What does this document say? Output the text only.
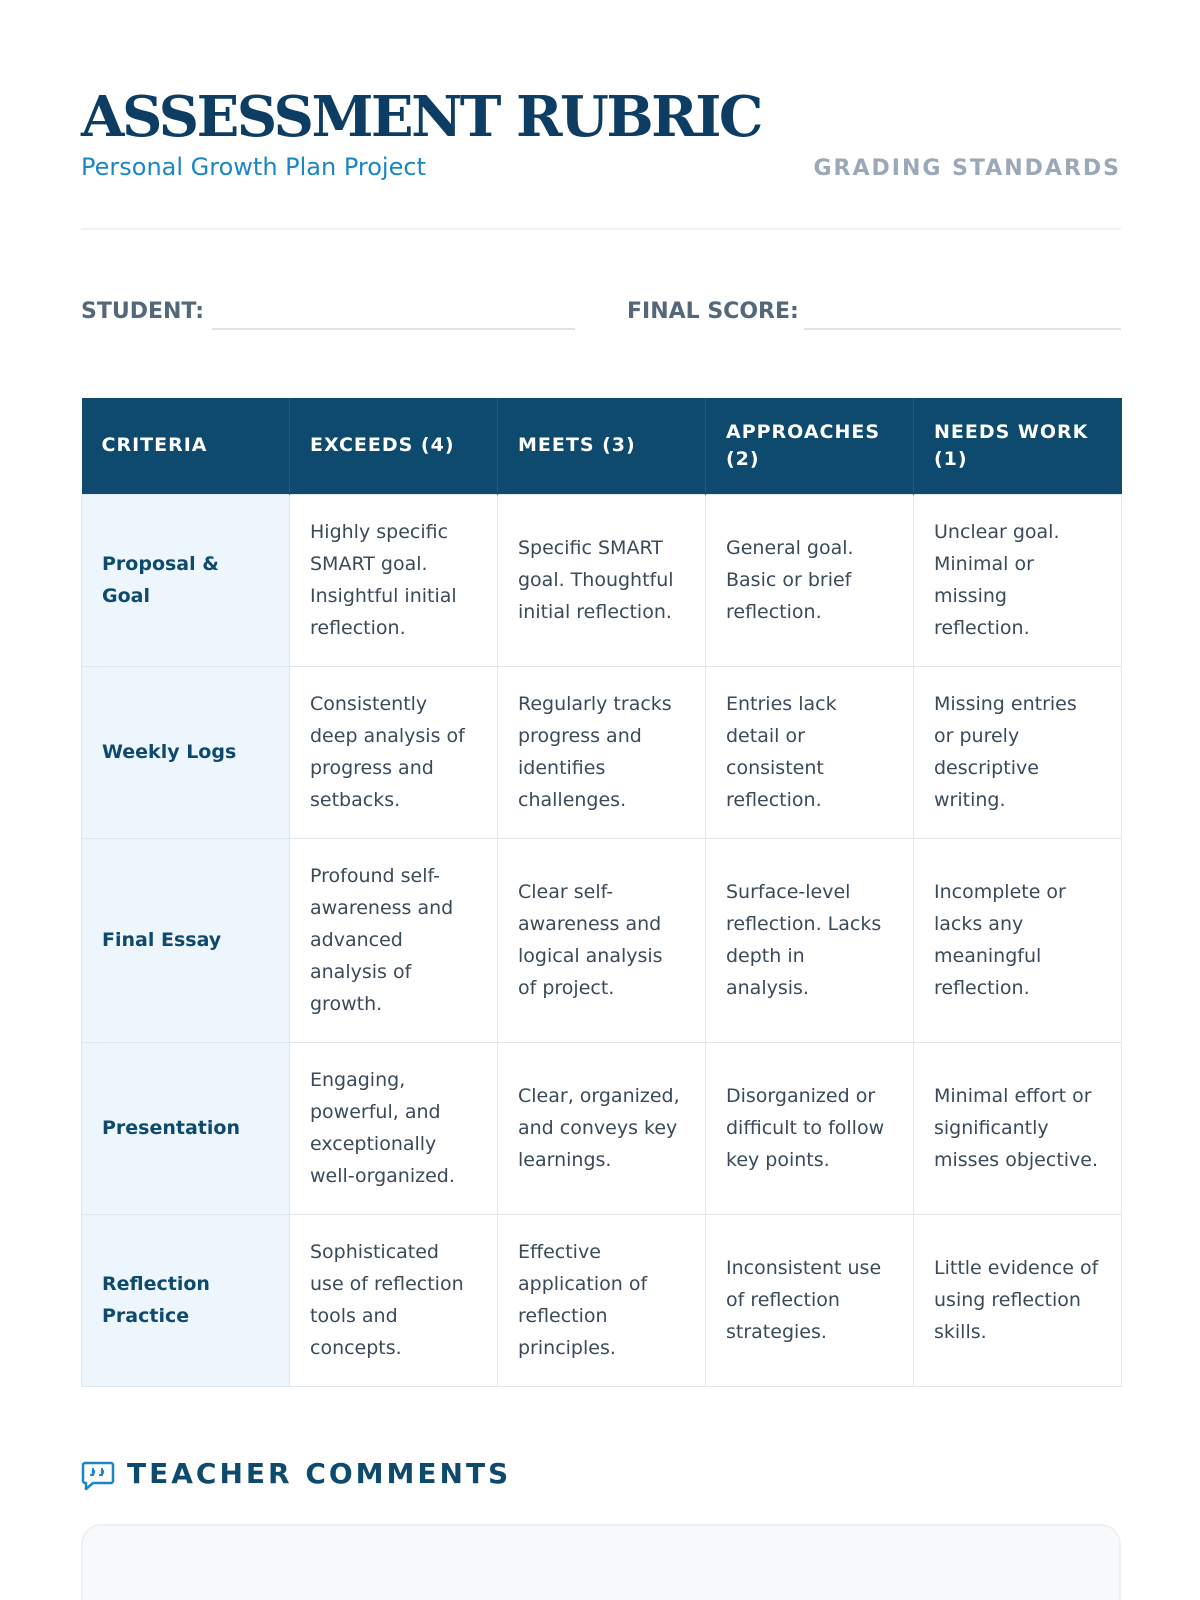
ASSESSMENT RUBRIC
Personal Growth Plan Project	GRADING STANDARDS
STUDENT:	FINAL SCORE:
CRITERIA	EXCEEDS (4)	MEETS (3)	APPROACHES (2)	NEEDS WORK (1)
Proposal & Goal	Highly specific SMART goal. Insightful initial reflection.	Specific SMART goal. Thoughtful initial reflection.	General goal. Basic or brief reflection.	Unclear goal. Minimal or missing reflection.
Weekly Logs	Consistently deep analysis of progress and setbacks.	Regularly tracks progress and identifies challenges.	Entries lack detail or consistent reflection.	Missing entries or purely descriptive writing.
Final Essay	Profound self-awareness and advanced analysis of growth.	Clear self-awareness and logical analysis of project.	Surface-level reflection. Lacks depth in analysis.	Incomplete or lacks any meaningful reflection.
Presentation	Engaging, powerful, and exceptionally well-organized.	Clear, organized, and conveys key learnings.	Disorganized or difficult to follow key points.	Minimal effort or significantly misses objective.
Reflection Practice	Sophisticated use of reflection tools and concepts.	Effective application of reflection principles.	Inconsistent use of reflection strategies.	Little evidence of using reflection skills.
TEACHER COMMENTS
